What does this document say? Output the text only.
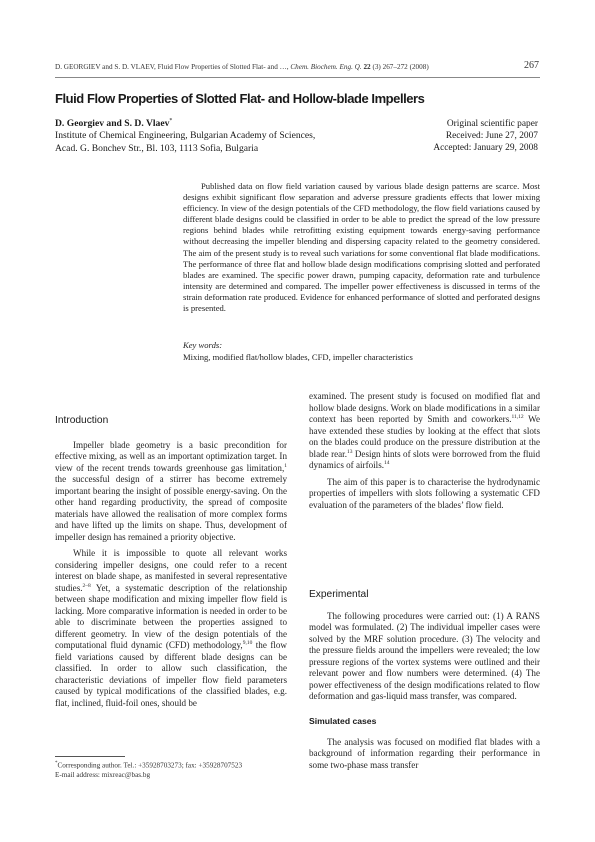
D. GEORGIEV and S. D. VLAEV, Fluid Flow Properties of Slotted Flat- and …, Chem. Biochem. Eng. Q. 22 (3) 267–272 (2008)	267
Fluid Flow Properties of Slotted Flat- and Hollow-blade Impellers
D. Georgiev and S. D. Vlaev*
Institute of Chemical Engineering, Bulgarian Academy of Sciences,
Acad. G. Bonchev Str., Bl. 103, 1113 Sofia, Bulgaria
Original scientific paper
Received: June 27, 2007
Accepted: January 29, 2008

Published data on flow field variation caused by various blade design patterns are scarce. Most designs exhibit significant flow separation and adverse pressure gradients effects that lower mixing efficiency. In view of the design potentials of the CFD methodology, the flow field variations caused by different blade designs could be classified in order to be able to predict the spread of the low pressure regions behind blades while retrofitting existing equipment towards energy-saving performance without decreasing the impeller blending and dispersing capacity related to the geometry considered. The aim of the present study is to reveal such variations for some conventional flat blade modifications. The performance of three flat and hollow blade design modifications comprising slotted and perforated blades are examined. The specific power drawn, pumping capacity, deformation rate and turbulence intensity are determined and compared. The impeller power effectiveness is discussed in terms of the strain deformation rate produced. Evidence for enhanced performance of slotted and perforated designs is presented.

Key words:
Mixing, modified flat/hollow blades, CFD, impeller characteristics
Introduction

Impeller blade geometry is a basic precondition for effective mixing, as well as an important optimization target. In view of the recent trends towards greenhouse gas limitation,$^1$ the successful design of a stirrer has become extremely important bearing the insight of possible energy-saving. On the other hand regarding productivity, the spread of composite materials have allowed the realisation of more complex forms and have lifted up the limits on shape. Thus, development of impeller design has remained a priority objective.

While it is impossible to quote all relevant works considering impeller designs, one could refer to a recent interest on blade shape, as manifested in several representative studies.$^{2-8}$ Yet, a systematic description of the relationship between shape modification and mixing impeller flow field is lacking. More comparative information is needed in order to be able to discriminate between the properties assigned to different geometry. In view of the design potentials of the computational fluid dynamic (CFD) methodology,$^{9,10}$ the flow field variations caused by different blade designs can be classified. In order to allow such classification, the characteristic deviations of impeller flow field parameters caused by typical modifications of the classified blades, e.g. flat, inclined, fluid-foil ones, should be

examined. The present study is focused on modified flat and hollow blade designs. Work on blade modifications in a similar context has been reported by Smith and coworkers.$^{11,12}$ We have extended these studies by looking at the effect that slots on the blades could produce on the pressure distribution at the blade rear.$^{13}$ Design hints of slots were borrowed from the fluid dynamics of airfoils.$^{14}$

The aim of this paper is to characterise the hydrodynamic properties of impellers with slots following a systematic CFD evaluation of the parameters of the blades’ flow field.

Experimental

The following procedures were carried out: (1) A RANS model was formulated. (2) The individual impeller cases were solved by the MRF solution procedure. (3) The velocity and the pressure fields around the impellers were revealed; the low pressure regions of the vortex systems were outlined and their relevant power and flow numbers were determined. (4) The power effectiveness of the design modifications related to flow deformation and gas-liquid mass transfer, was compared.

Simulated cases

The analysis was focused on modified flat blades with a background of information regarding their performance in some two-phase mass transfer

*Corresponding author. Tel.: +35928703273; fax: +35928707523
E-mail address: mixreac@bas.bg
